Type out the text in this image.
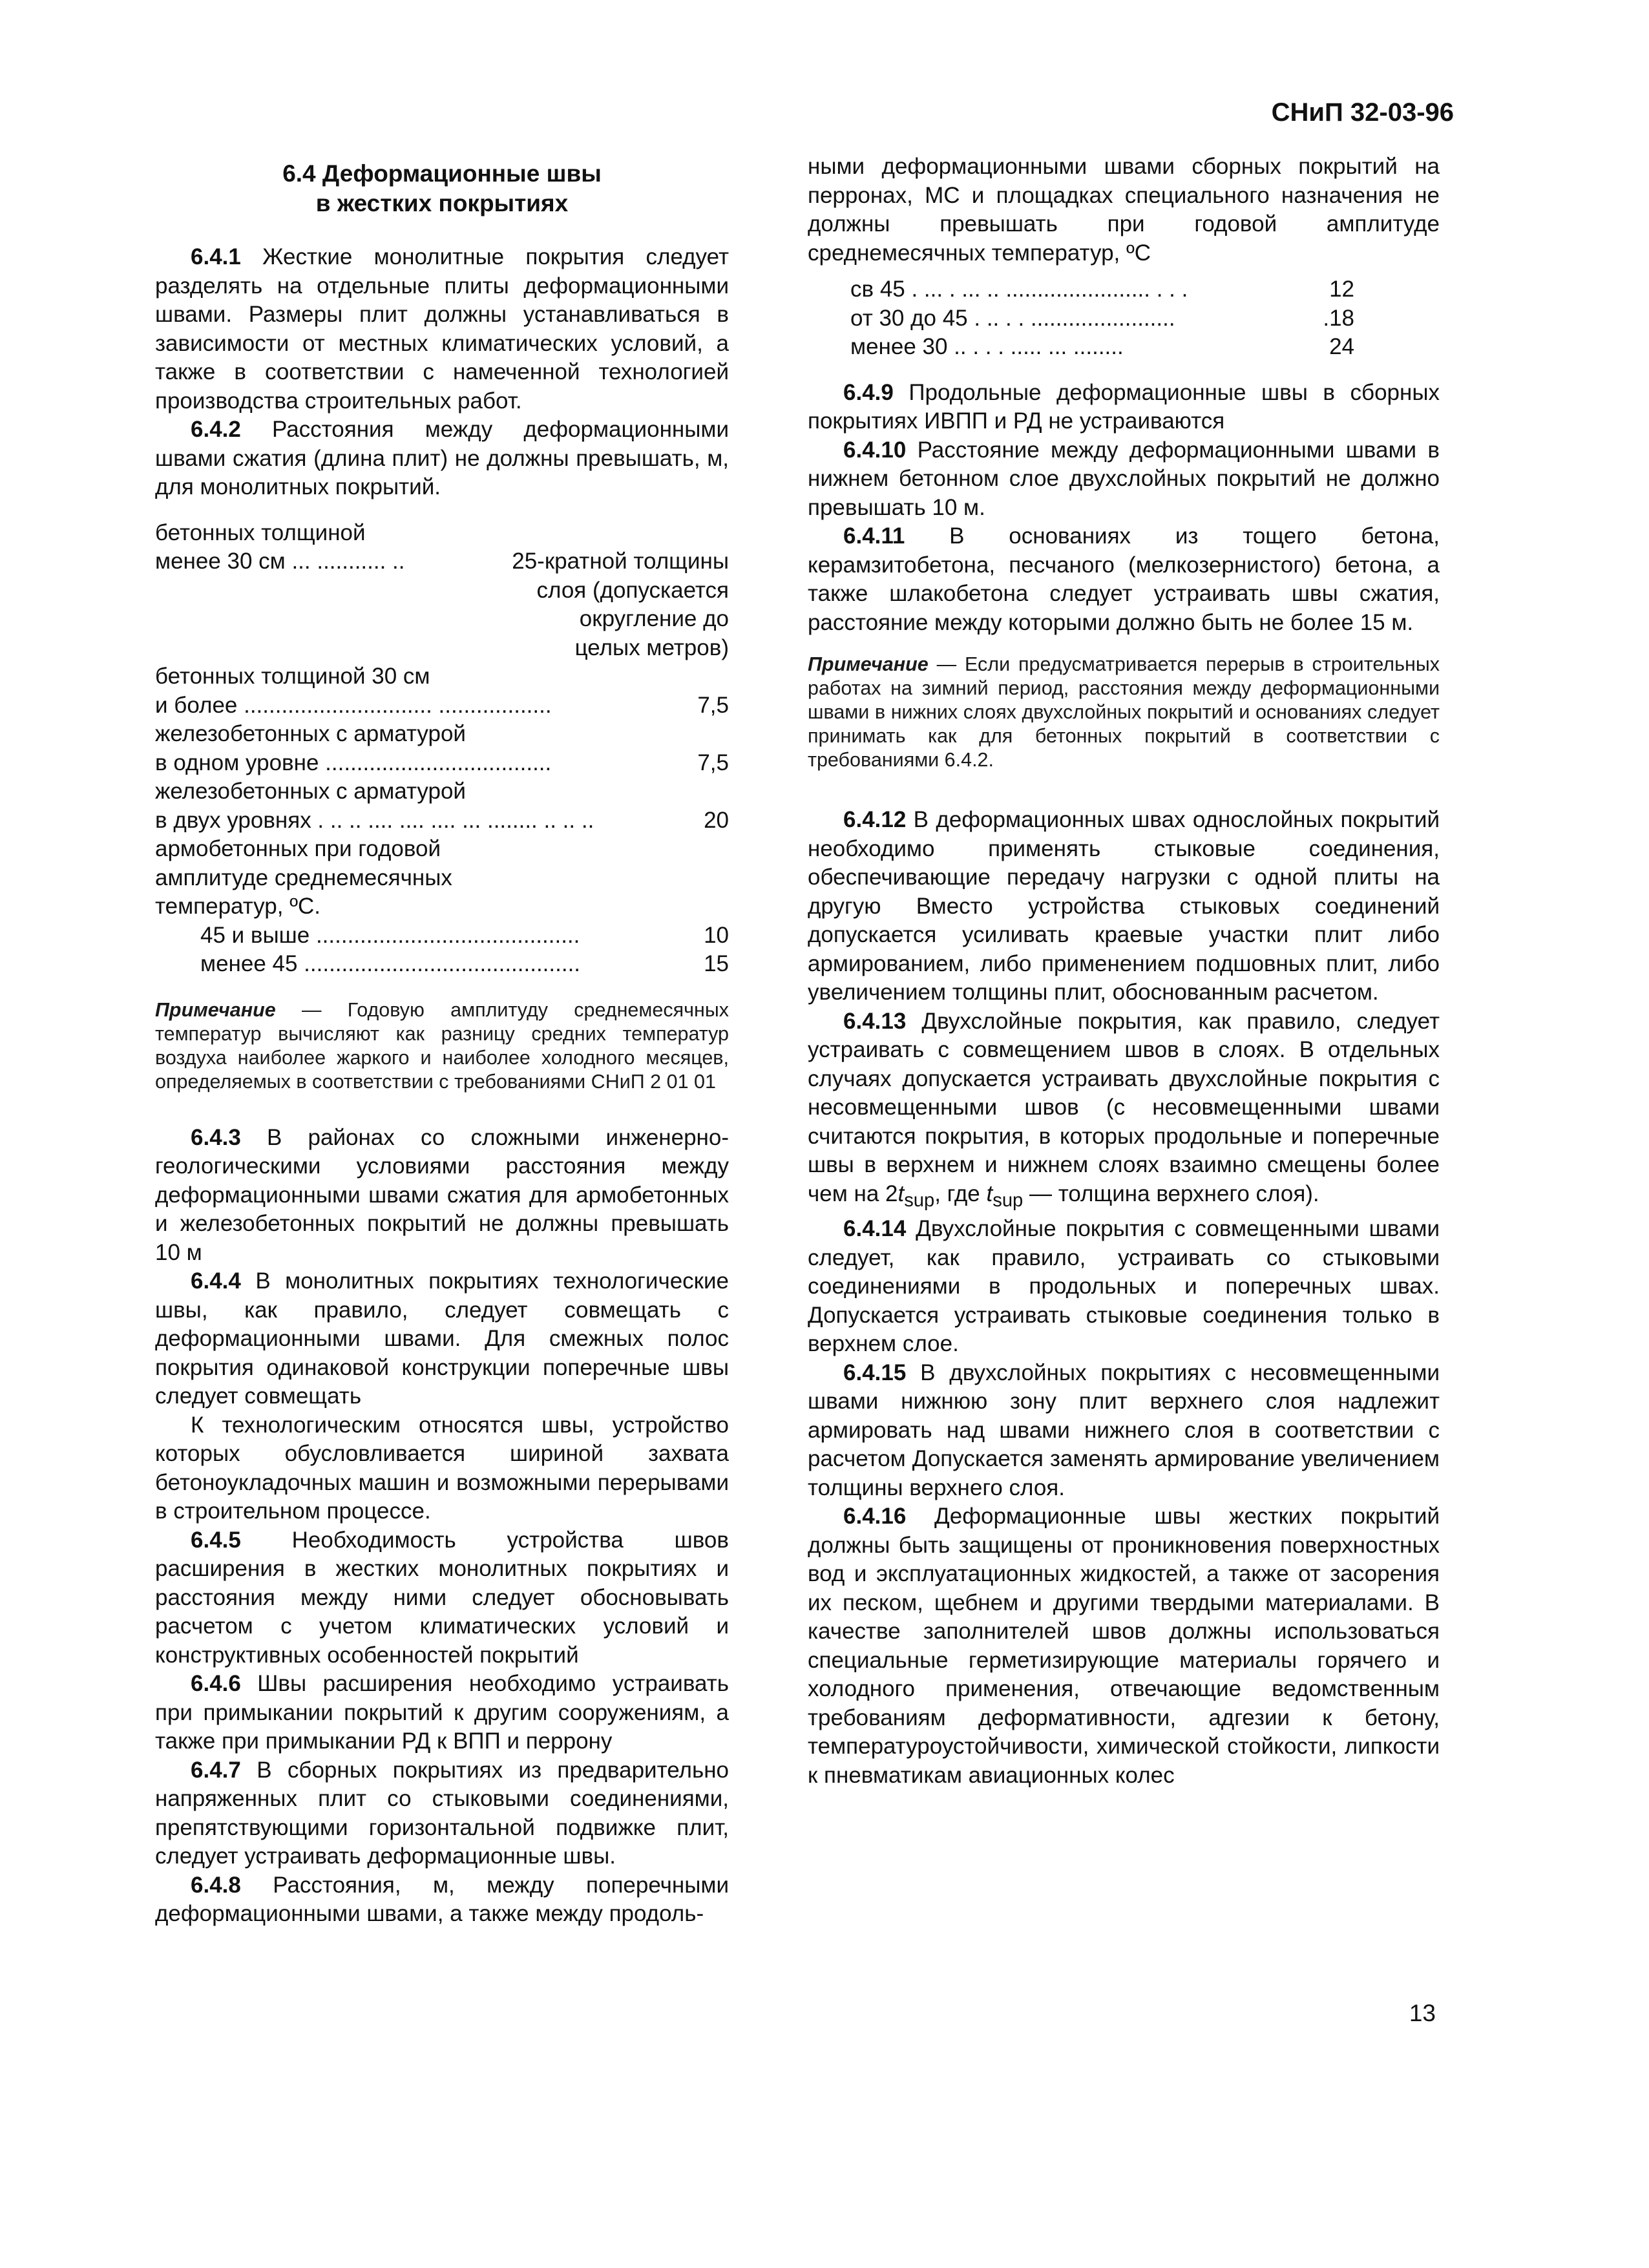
СНиП 32-03-96
6.4 Деформационные швы
в жестких покрытиях

6.4.1 Жесткие монолитные покрытия следует разделять на отдельные плиты деформационными швами. Размеры плит должны устанавливаться в зависимости от местных климатических условий, а также в соответствии с намеченной технологией производства строительных работ.

6.4.2 Расстояния между деформационными швами сжатия (длина плит) не должны превышать, м, для монолитных покрытий.

бетонных толщиной
менее 30 см ... ........... ..	25-кратной толщины
слоя (допускается
округление до
целых метров)
бетонных толщиной 30 см
и более .............................. ..................	7,5
железобетонных с арматурой
в одном уровне ....................................	7,5
железобетонных с арматурой
в двух уровнях . .. .. .... .... .... ... ........ .. .. ..	20
армобетонных при годовой
амплитуде среднемесячных
температур, ºС.
45 и выше ..........................................	10
менее 45 ............................................	15

Примечание — Годовую амплитуду среднемесячных температур вычисляют как разницу средних температур воздуха наиболее жаркого и наиболее холодного месяцев, определяемых в соответствии с требованиями СНиП 2 01 01

6.4.3 В районах со сложными инженерно-геологическими условиями расстояния между деформационными швами сжатия для армобетонных и железобетонных покрытий не должны превышать 10 м

6.4.4 В монолитных покрытиях технологические швы, как правило, следует совмещать с деформационными швами. Для смежных полос покрытия одинаковой конструкции поперечные швы следует совмещать

К технологическим относятся швы, устройство которых обусловливается шириной захвата бетоноукладочных машин и возможными перерывами в строительном процессе.

6.4.5 Необходимость устройства швов расширения в жестких монолитных покрытиях и расстояния между ними следует обосновывать расчетом с учетом климатических условий и конструктивных особенностей покрытий

6.4.6 Швы расширения необходимо устраивать при примыкании покрытий к другим сооружениям, а также при примыкании РД к ВПП и перрону

6.4.7 В сборных покрытиях из предварительно напряженных плит со стыковыми соединениями, препятствующими горизонтальной подвижке плит, следует устраивать деформационные швы.

6.4.8 Расстояния, м, между поперечными деформационными швами, а также между продоль-

ными деформационными швами сборных покрытий на перронах, МС и площадках специального назначения не должны превышать при годовой амплитуде среднемесячных температур, ºС

св 45 . ... . ... .. ....................... . . .	12
от 30 до 45 . .. . . .......................	.18
менее 30 .. . . . ..... ... ........	24

6.4.9 Продольные деформационные швы в сборных покрытиях ИВПП и РД не устраиваются

6.4.10 Расстояние между деформационными швами в нижнем бетонном слое двухслойных покрытий не должно превышать 10 м.

6.4.11 В основаниях из тощего бетона, керамзитобетона, песчаного (мелкозернистого) бетона, а также шлакобетона следует устраивать швы сжатия, расстояние между которыми должно быть не более 15 м.

Примечание — Если предусматривается перерыв в строительных работах на зимний период, расстояния между деформационными швами в нижних слоях двухслойных покрытий и основаниях следует принимать как для бетонных покрытий в соответствии с требованиями 6.4.2.

6.4.12 В деформационных швах однослойных покрытий необходимо применять стыковые соединения, обеспечивающие передачу нагрузки с одной плиты на другую Вместо устройства стыковых соединений допускается усиливать краевые участки плит либо армированием, либо применением подшовных плит, либо увеличением толщины плит, обоснованным расчетом.

6.4.13 Двухслойные покрытия, как правило, следует устраивать с совмещением швов в слоях. В отдельных случаях допускается устраивать двухслойные покрытия с несовмещенными швов (с несовмещенными швами считаются покрытия, в которых продольные и поперечные швы в верхнем и нижнем слоях взаимно смещены более чем на $2t_{sup}$, где $t_{sup}$ — толщина верхнего слоя).

6.4.14 Двухслойные покрытия с совмещенными швами следует, как правило, устраивать со стыковыми соединениями в продольных и поперечных швах. Допускается устраивать стыковые соединения только в верхнем слое.

6.4.15 В двухслойных покрытиях с несовмещенными швами нижнюю зону плит верхнего слоя надлежит армировать над швами нижнего слоя в соответствии с расчетом Допускается заменять армирование увеличением толщины верхнего слоя.

6.4.16 Деформационные швы жестких покрытий должны быть защищены от проникновения поверхностных вод и эксплуатационных жидкостей, а также от засорения их песком, щебнем и другими твердыми материалами. В качестве заполнителей швов должны использоваться специальные герметизирующие материалы горячего и холодного применения, отвечающие ведомственным требованиям деформативности, адгезии к бетону, температуроустойчивости, химической стойкости, липкости к пневматикам авиационных колес

13
